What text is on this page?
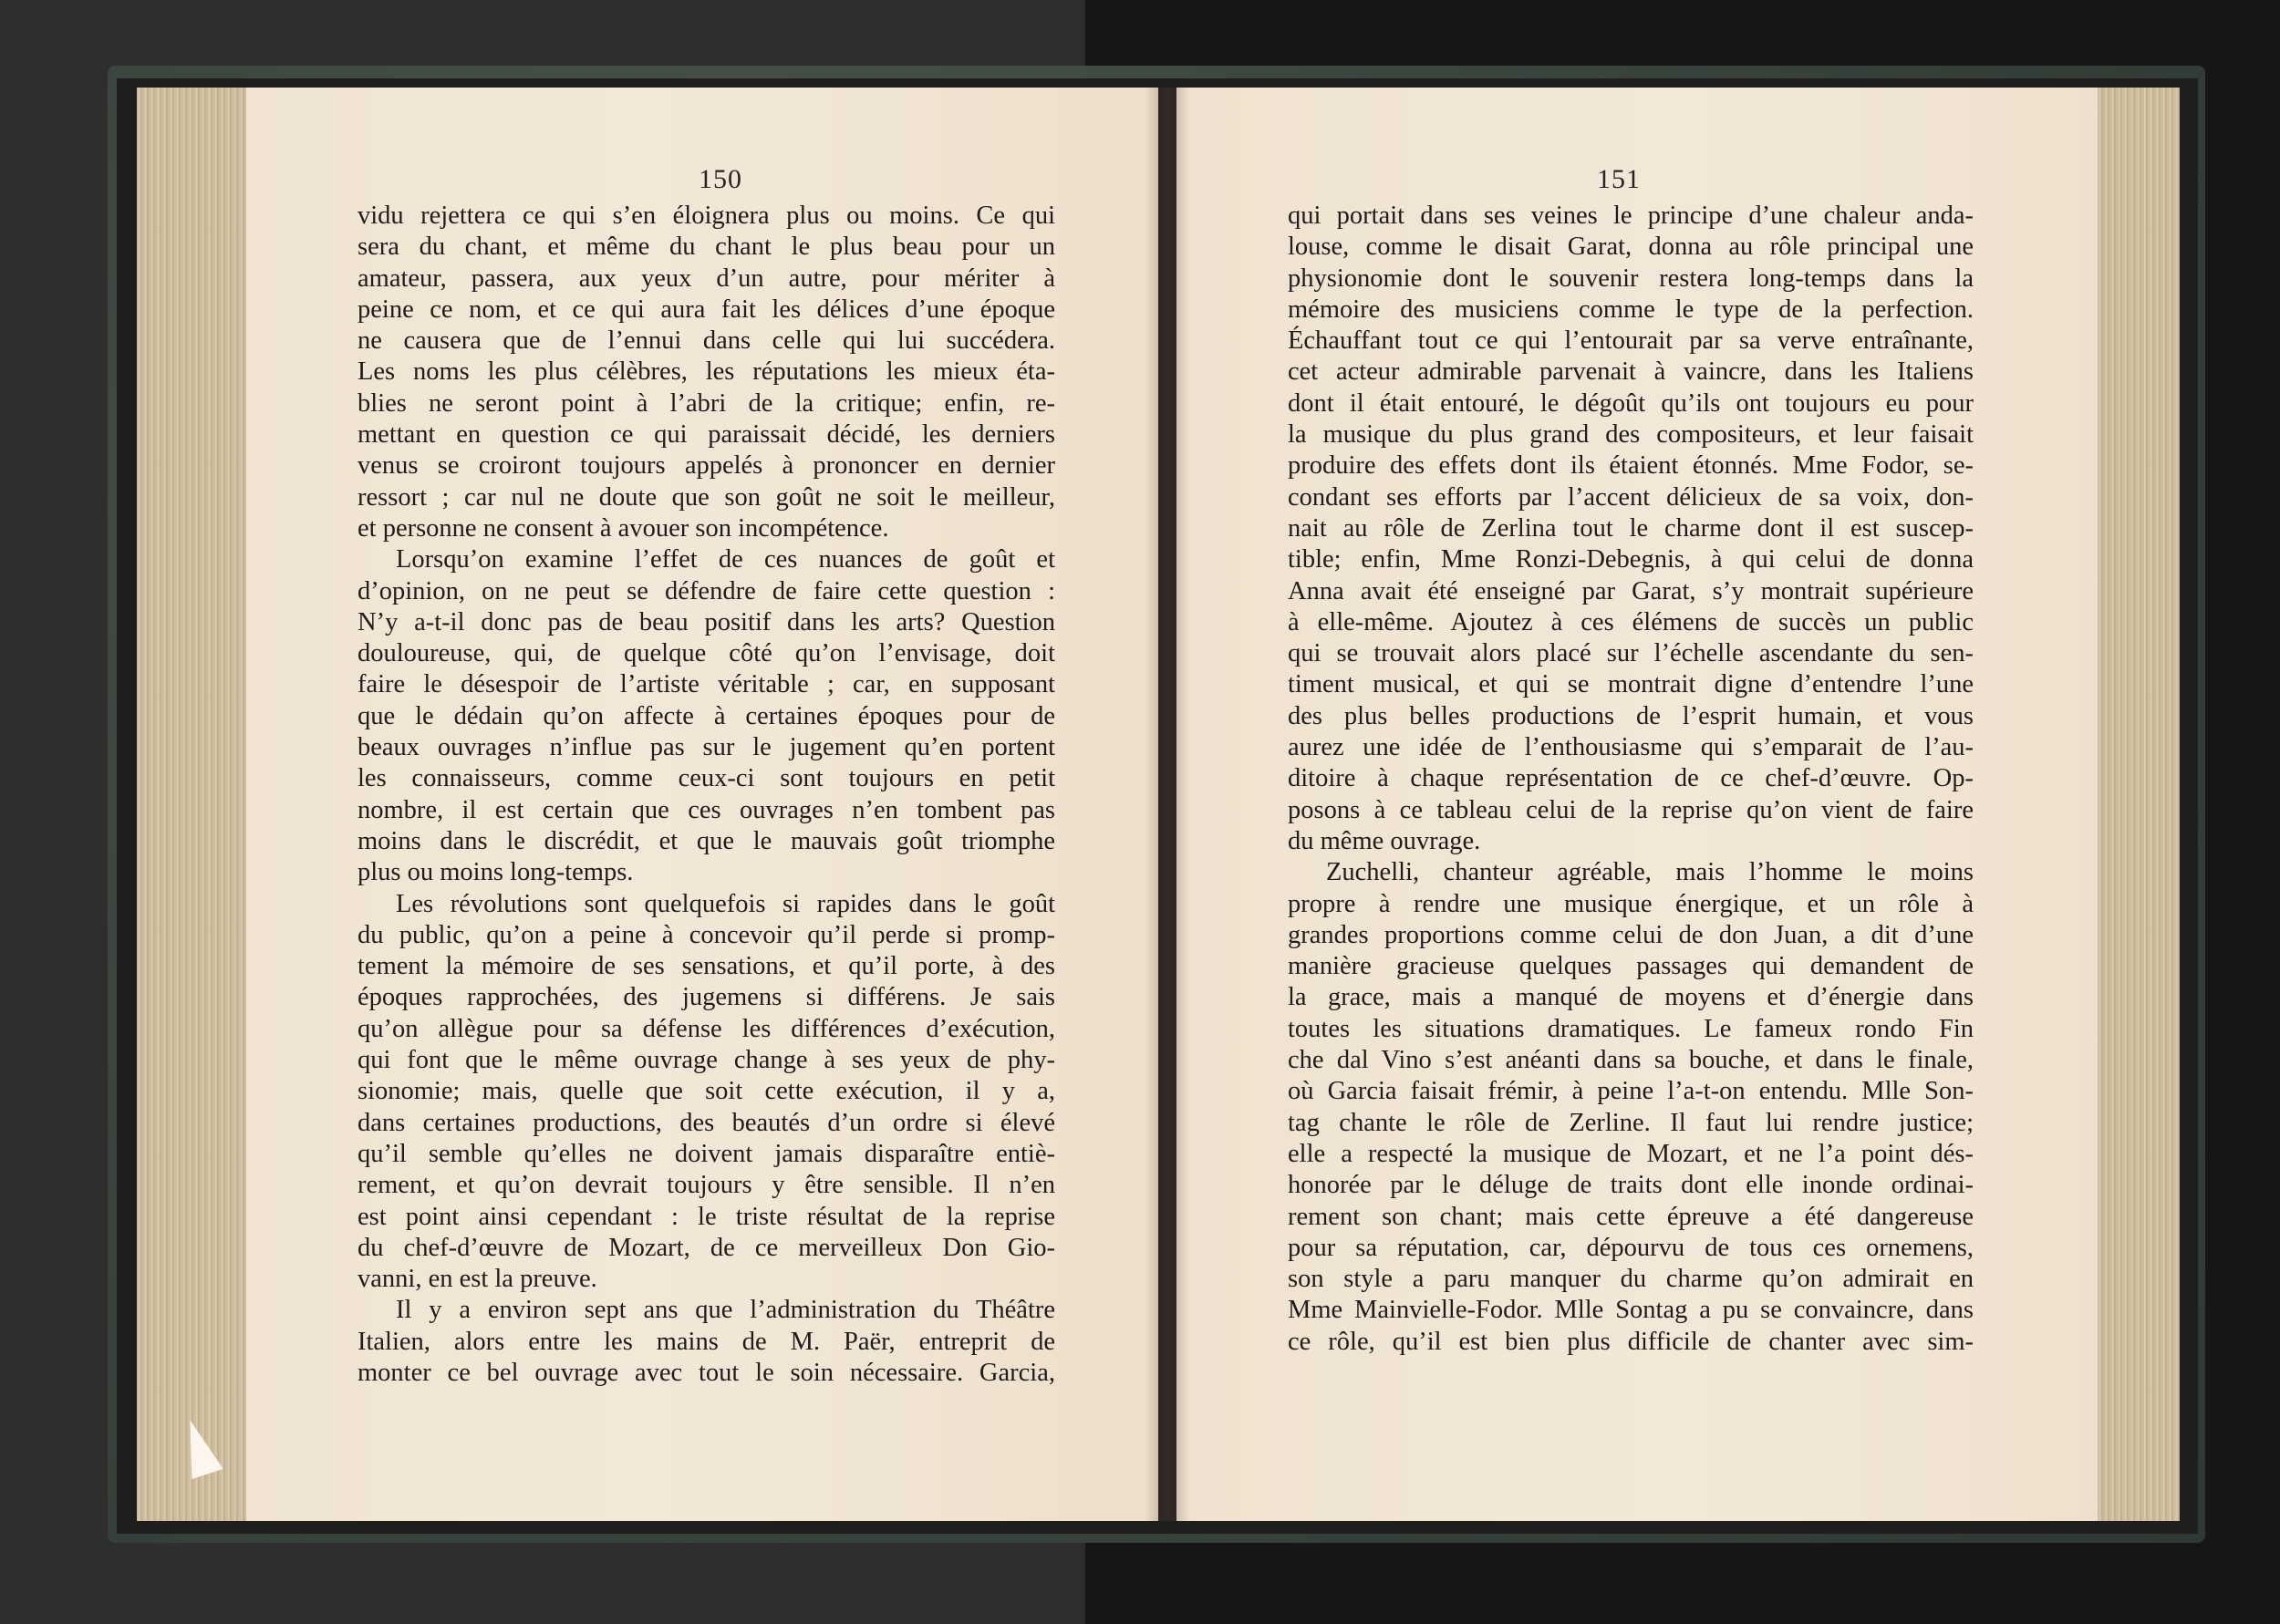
150	151
vidu rejettera ce qui s’en éloignera plus ou moins. Ce qui
sera du chant, et même du chant le plus beau pour un
amateur, passera, aux yeux d’un autre, pour mériter à
peine ce nom, et ce qui aura fait les délices d’une époque
ne causera que de l’ennui dans celle qui lui succédera.
Les noms les plus célèbres, les réputations les mieux éta-
blies ne seront point à l’abri de la critique; enfin, re-
mettant en question ce qui paraissait décidé, les derniers
venus se croiront toujours appelés à prononcer en dernier
ressort ; car nul ne doute que son goût ne soit le meilleur,
et personne ne consent à avouer son incompétence.
Lorsqu’on examine l’effet de ces nuances de goût et
d’opinion, on ne peut se défendre de faire cette question :
N’y a-t-il donc pas de beau positif dans les arts? Question
douloureuse, qui, de quelque côté qu’on l’envisage, doit
faire le désespoir de l’artiste véritable ; car, en supposant
que le dédain qu’on affecte à certaines époques pour de
beaux ouvrages n’influe pas sur le jugement qu’en portent
les connaisseurs, comme ceux-ci sont toujours en petit
nombre, il est certain que ces ouvrages n’en tombent pas
moins dans le discrédit, et que le mauvais goût triomphe
plus ou moins long-temps.
Les révolutions sont quelquefois si rapides dans le goût
du public, qu’on a peine à concevoir qu’il perde si promp-
tement la mémoire de ses sensations, et qu’il porte, à des
époques rapprochées, des jugemens si différens. Je sais
qu’on allègue pour sa défense les différences d’exécution,
qui font que le même ouvrage change à ses yeux de phy-
sionomie; mais, quelle que soit cette exécution, il y a,
dans certaines productions, des beautés d’un ordre si élevé
qu’il semble qu’elles ne doivent jamais disparaître entiè-
rement, et qu’on devrait toujours y être sensible. Il n’en
est point ainsi cependant : le triste résultat de la reprise
du chef-d’œuvre de Mozart, de ce merveilleux Don Gio-
vanni, en est la preuve.
Il y a environ sept ans que l’administration du Théâtre
Italien, alors entre les mains de M. Paër, entreprit de
monter ce bel ouvrage avec tout le soin nécessaire. Garcia,
qui portait dans ses veines le principe d’une chaleur anda-
louse, comme le disait Garat, donna au rôle principal une
physionomie dont le souvenir restera long-temps dans la
mémoire des musiciens comme le type de la perfection.
Échauffant tout ce qui l’entourait par sa verve entraînante,
cet acteur admirable parvenait à vaincre, dans les Italiens
dont il était entouré, le dégoût qu’ils ont toujours eu pour
la musique du plus grand des compositeurs, et leur faisait
produire des effets dont ils étaient étonnés. Mme Fodor, se-
condant ses efforts par l’accent délicieux de sa voix, don-
nait au rôle de Zerlina tout le charme dont il est suscep-
tible; enfin, Mme Ronzi-Debegnis, à qui celui de donna
Anna avait été enseigné par Garat, s’y montrait supérieure
à elle-même. Ajoutez à ces élémens de succès un public
qui se trouvait alors placé sur l’échelle ascendante du sen-
timent musical, et qui se montrait digne d’entendre l’une
des plus belles productions de l’esprit humain, et vous
aurez une idée de l’enthousiasme qui s’emparait de l’au-
ditoire à chaque représentation de ce chef-d’œuvre. Op-
posons à ce tableau celui de la reprise qu’on vient de faire
du même ouvrage.
Zuchelli, chanteur agréable, mais l’homme le moins
propre à rendre une musique énergique, et un rôle à
grandes proportions comme celui de don Juan, a dit d’une
manière gracieuse quelques passages qui demandent de
la grace, mais a manqué de moyens et d’énergie dans
toutes les situations dramatiques. Le fameux rondo Fin
che dal Vino s’est anéanti dans sa bouche, et dans le finale,
où Garcia faisait frémir, à peine l’a-t-on entendu. Mlle Son-
tag chante le rôle de Zerline. Il faut lui rendre justice;
elle a respecté la musique de Mozart, et ne l’a point dés-
honorée par le déluge de traits dont elle inonde ordinai-
rement son chant; mais cette épreuve a été dangereuse
pour sa réputation, car, dépourvu de tous ces ornemens,
son style a paru manquer du charme qu’on admirait en
Mme Mainvielle-Fodor. Mlle Sontag a pu se convaincre, dans
ce rôle, qu’il est bien plus difficile de chanter avec sim-
